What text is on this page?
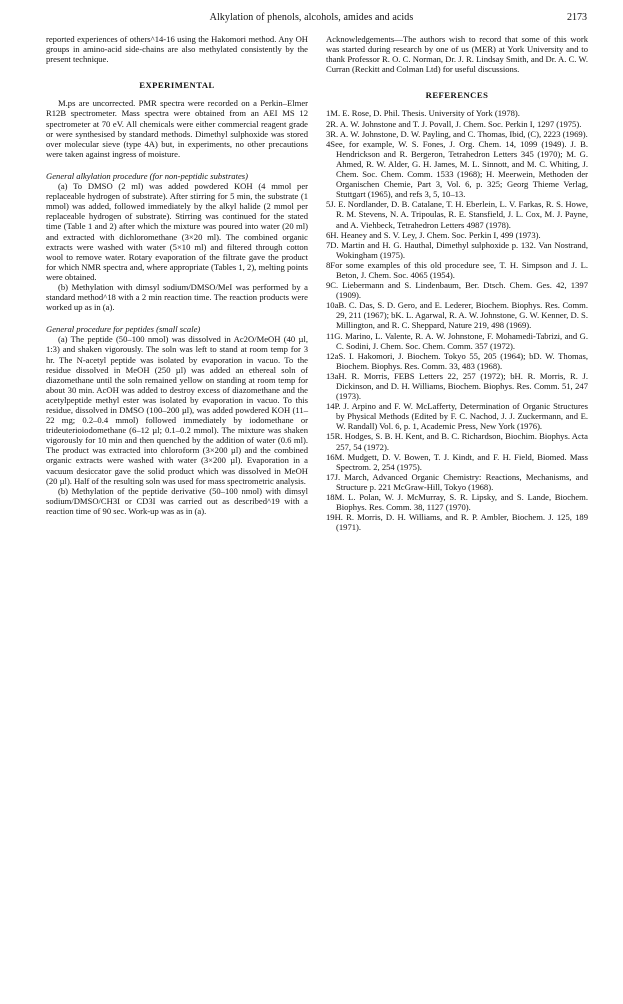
Alkylation of phenols, alcohols, amides and acids	2173

reported experiences of others^14-16 using the Hakomori method. Any OH groups in amino-acid side-chains are also methylated consistently by the present technique.

EXPERIMENTAL

M.ps are uncorrected. PMR spectra were recorded on a Perkin–Elmer R12B spectrometer. Mass spectra were obtained from an AEI MS 12 spectrometer at 70 eV. All chemicals were either commercial reagent grade or were synthesised by standard methods. Dimethyl sulphoxide was stored over molecular sieve (type 4A) but, in experiments, no other precautions were taken against ingress of moisture.

General alkylation procedure (for non-peptidic substrates)

(a) To DMSO (2 ml) was added powdered KOH (4 mmol per replaceable hydrogen of substrate). After stirring for 5 min, the substrate (1 mmol) was added, followed immediately by the alkyl halide (2 mmol per replaceable hydrogen of substrate). Stirring was continued for the stated time (Table 1 and 2) after which the mixture was poured into water (20 ml) and extracted with dichloromethane (3×20 ml). The combined organic extracts were washed with water (5×10 ml) and filtered through cotton wool to remove water. Rotary evaporation of the filtrate gave the product for which NMR spectra and, where appropriate (Tables 1, 2), melting points were obtained.

(b) Methylation with dimsyl sodium/DMSO/MeI was performed by a standard method^18 with a 2 min reaction time. The reaction products were worked up as in (a).

General procedure for peptides (small scale)

(a) The peptide (50–100 nmol) was dissolved in Ac2O/MeOH (40 µl, 1:3) and shaken vigorously. The soln was left to stand at room temp for 3 hr. The N-acetyl peptide was isolated by evaporation in vacuo. To the residue dissolved in MeOH (250 µl) was added an ethereal soln of diazomethane until the soln remained yellow on standing at room temp for about 30 min. AcOH was added to destroy excess of diazomethane and the acetylpeptide methyl ester was isolated by evaporation in vacuo. To this residue, dissolved in DMSO (100–200 µl), was added powdered KOH (11–22 mg; 0.2–0.4 mmol) followed immediately by iodomethane or trideuterioiodomethane (6–12 µl; 0.1–0.2 mmol). The mixture was shaken vigorously for 10 min and then quenched by the addition of water (0.6 ml). The product was extracted into chloroform (3×200 µl) and the combined organic extracts were washed with water (3×200 µl). Evaporation in a vacuum desiccator gave the solid product which was dissolved in MeOH (20 µl). Half of the resulting soln was used for mass spectrometric analysis.

(b) Methylation of the peptide derivative (50–100 nmol) with dimsyl sodium/DMSO/CH3I or CD3I was carried out as described^19 with a reaction time of 90 sec. Work-up was as in (a).

Acknowledgements—The authors wish to record that some of this work was started during research by one of us (MER) at York University and to thank Professor R. O. C. Norman, Dr. J. R. Lindsay Smith, and Dr. A. C. W. Curran (Reckitt and Colman Ltd) for useful discussions.

REFERENCES

1M. E. Rose, D. Phil. Thesis. University of York (1978).

2R. A. W. Johnstone and T. J. Povall, J. Chem. Soc. Perkin I, 1297 (1975).

3R. A. W. Johnstone, D. W. Payling, and C. Thomas, Ibid, (C), 2223 (1969).

4See, for example, W. S. Fones, J. Org. Chem. 14, 1099 (1949). J. B. Hendrickson and R. Bergeron, Tetrahedron Letters 345 (1970); M. G. Ahmed, R. W. Alder, G. H. James, M. L. Sinnott, and M. C. Whiting, J. Chem. Soc. Chem. Comm. 1533 (1968); H. Meerwein, Methoden der Organischen Chemie, Part 3, Vol. 6, p. 325; Georg Thieme Verlag, Stuttgart (1965), and refs 3, 5, 10–13.

5J. E. Nordlander, D. B. Catalane, T. H. Eberlein, L. V. Farkas, R. S. Howe, R. M. Stevens, N. A. Tripoulas, R. E. Stansfield, J. L. Cox, M. J. Payne, and A. Viehbeck, Tetrahedron Letters 4987 (1978).

6H. Heaney and S. V. Ley, J. Chem. Soc. Perkin I, 499 (1973).

7D. Martin and H. G. Hauthal, Dimethyl sulphoxide p. 132. Van Nostrand, Wokingham (1975).

8For some examples of this old procedure see, T. H. Simpson and J. L. Beton, J. Chem. Soc. 4065 (1954).

9C. Liebermann and S. Lindenbaum, Ber. Dtsch. Chem. Ges. 42, 1397 (1909).

10aB. C. Das, S. D. Gero, and E. Lederer, Biochem. Biophys. Res. Comm. 29, 211 (1967); bK. L. Agarwal, R. A. W. Johnstone, G. W. Kenner, D. S. Millington, and R. C. Sheppard, Nature 219, 498 (1969).

11G. Marino, L. Valente, R. A. W. Johnstone, F. Mohamedi-Tabrizi, and G. C. Sodini, J. Chem. Soc. Chem. Comm. 357 (1972).

12aS. I. Hakomori, J. Biochem. Tokyo 55, 205 (1964); bD. W. Thomas, Biochem. Biophys. Res. Comm. 33, 483 (1968).

13aH. R. Morris, FEBS Letters 22, 257 (1972); bH. R. Morris, R. J. Dickinson, and D. H. Williams, Biochem. Biophys. Res. Comm. 51, 247 (1973).

14P. J. Arpino and F. W. McLafferty, Determination of Organic Structures by Physical Methods (Edited by F. C. Nachod, J. J. Zuckermann, and E. W. Randall) Vol. 6, p. 1, Academic Press, New York (1976).

15R. Hodges, S. B. H. Kent, and B. C. Richardson, Biochim. Biophys. Acta 257, 54 (1972).

16M. Mudgett, D. V. Bowen, T. J. Kindt, and F. H. Field, Biomed. Mass Spectrom. 2, 254 (1975).

17J. March, Advanced Organic Chemistry: Reactions, Mechanisms, and Structure p. 221 McGraw-Hill, Tokyo (1968).

18M. L. Polan, W. J. McMurray, S. R. Lipsky, and S. Lande, Biochem. Biophys. Res. Comm. 38, 1127 (1970).

19H. R. Morris, D. H. Williams, and R. P. Ambler, Biochem. J. 125, 189 (1971).
